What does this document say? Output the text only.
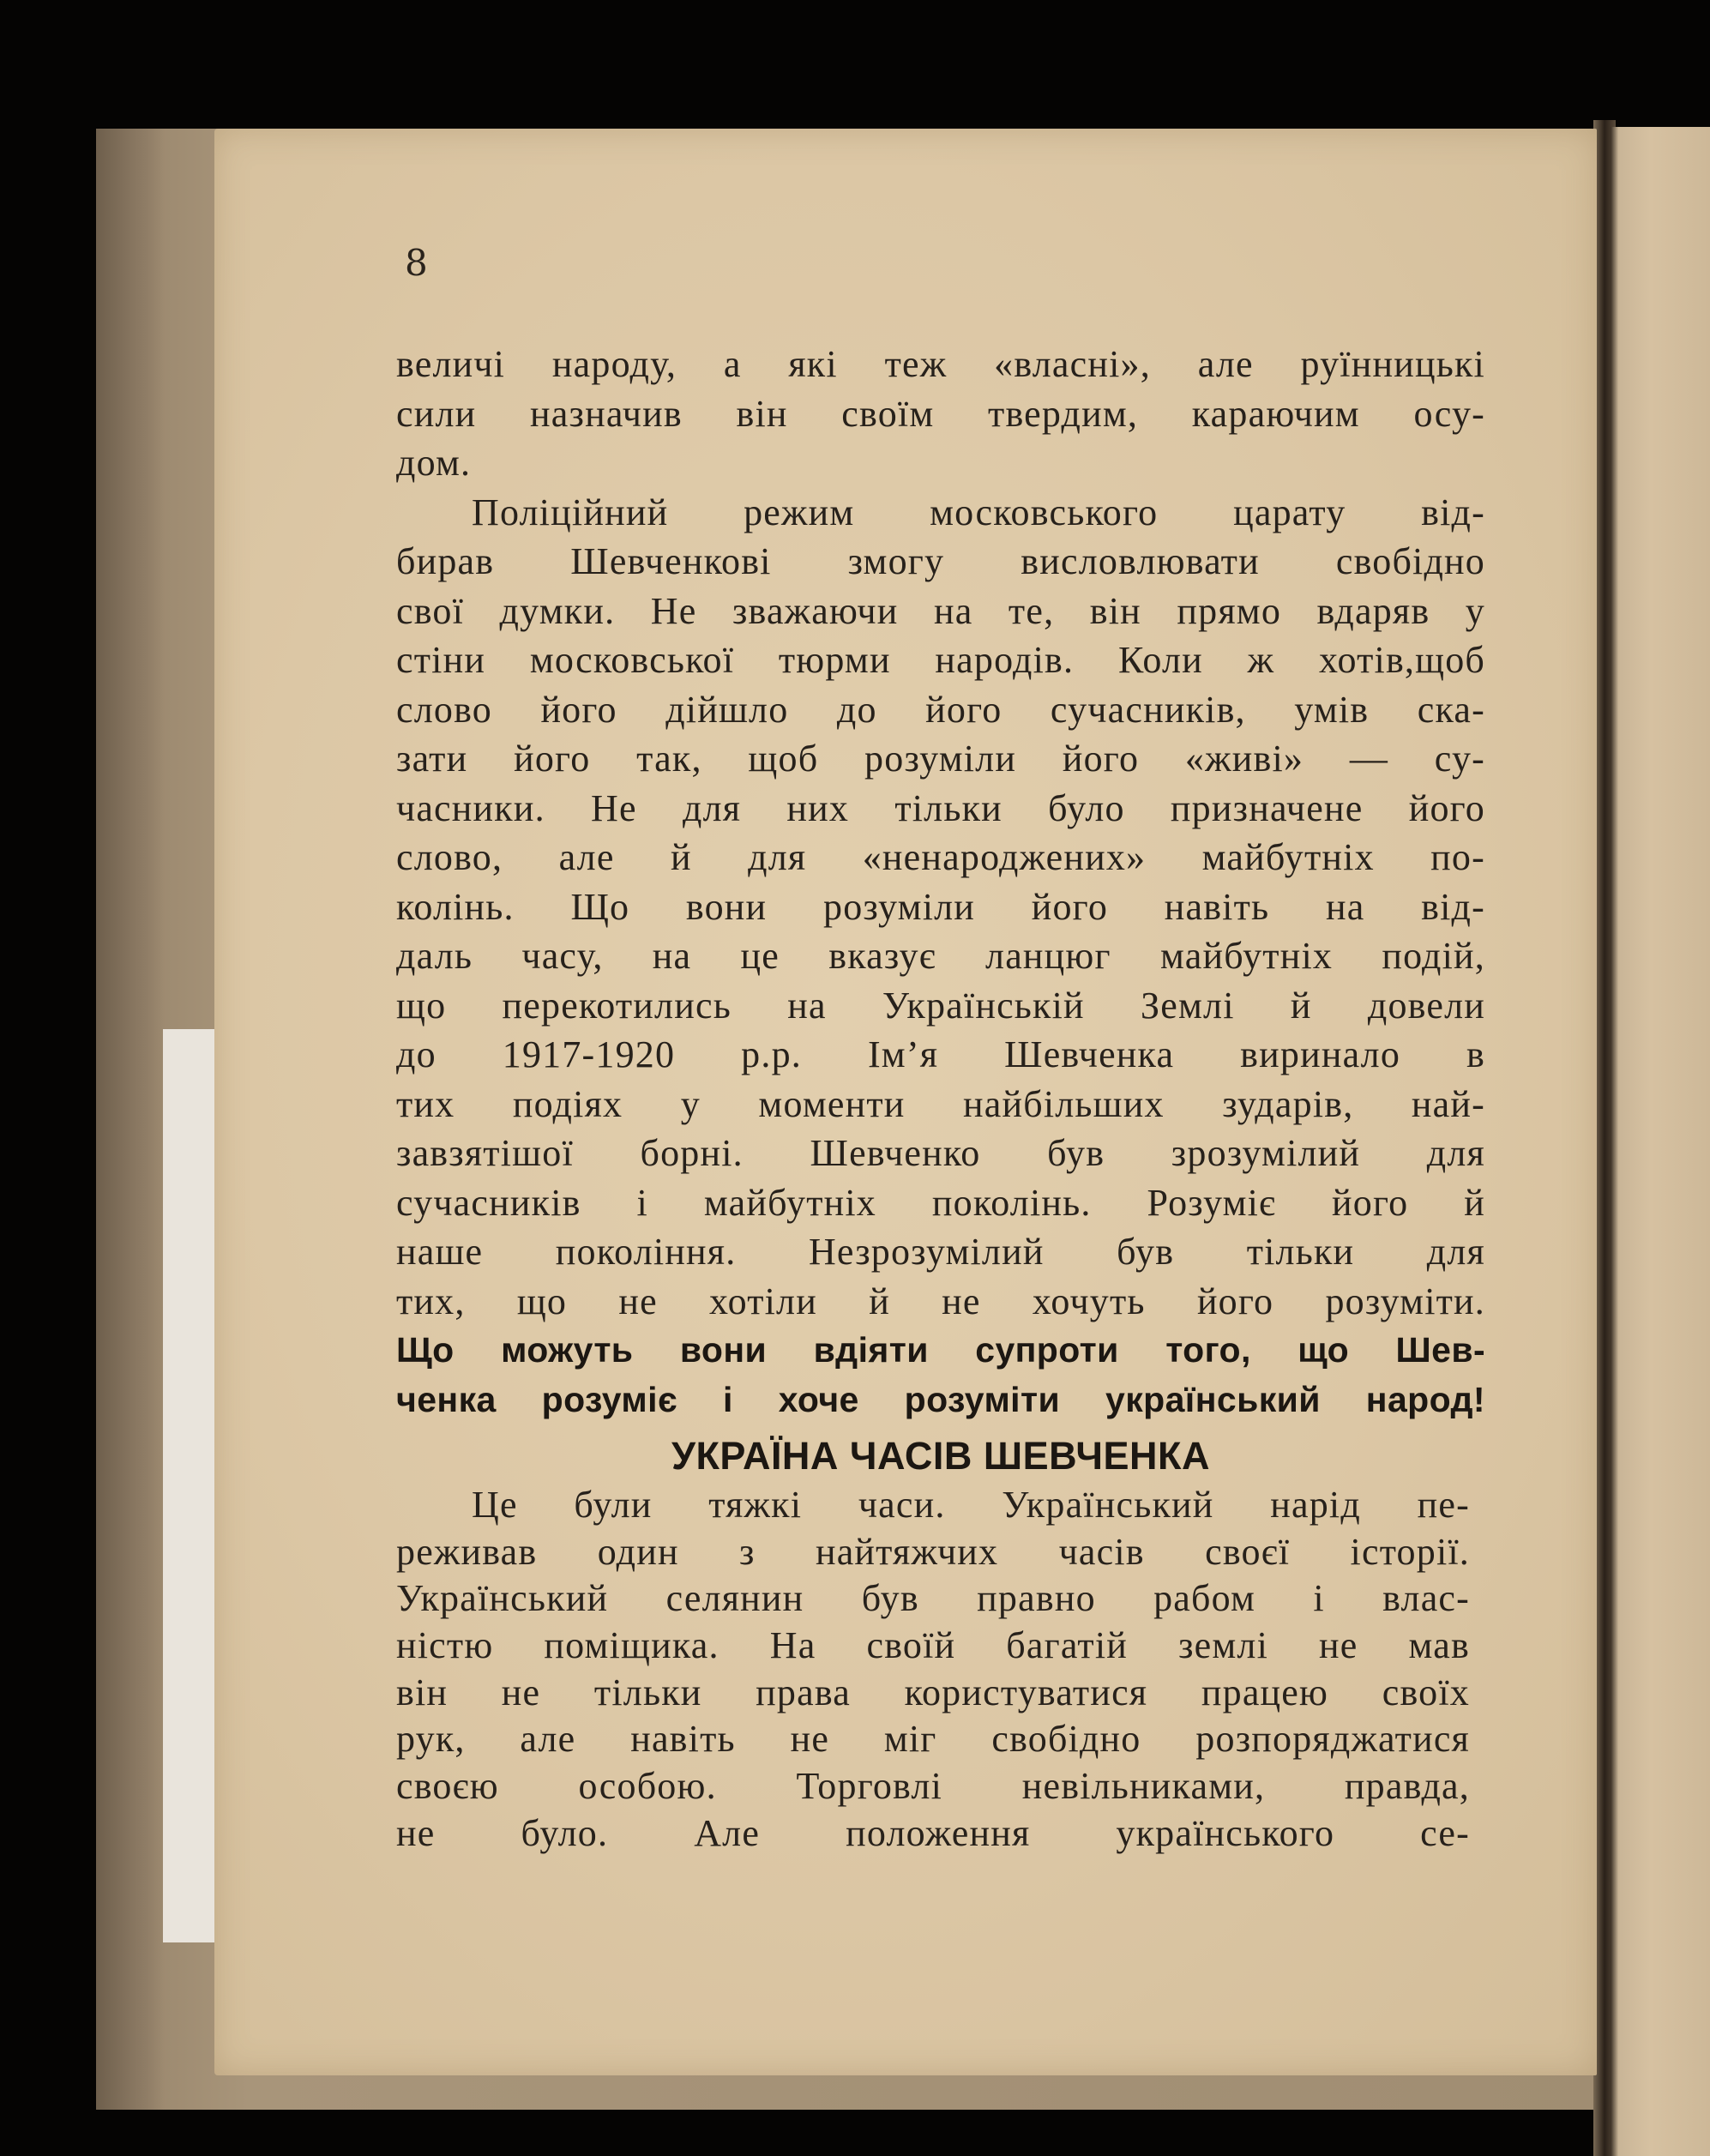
8
величі народу, а які теж «власні», але руїнницькі
сили назначив він своїм твердим, караючим осу-
дом.
Поліційний режим московського царату від-
бирав Шевченкові змогу висловлювати свобідно
свої думки. Не зважаючи на те, він прямо вдаряв у
стіни московської тюрми народів. Коли ж хотів,щоб
слово його дійшло до його сучасників, умів ска-
зати його так, щоб розуміли його «живі» — су-
часники. Не для них тільки було призначене його
слово, але й для «ненароджених» майбутніх по-
колінь. Що вони розуміли його навіть на від-
даль часу, на це вказує ланцюг майбутніх подій,
що перекотились на Українській Землі й довели
до 1917-1920 р.р. Ім’я Шевченка виринало в
тих подіях у моменти найбільших зударів, най-
завзятішої борні. Шевченко був зрозумілий для
сучасників і майбутніх поколінь. Розуміє його й
наше покоління. Незрозумілий був тільки для
тих, що не хотіли й не хочуть його розуміти.
Що можуть вони вдіяти супроти того, що Шев-
ченка розуміє і хоче розуміти український народ!
УКРАЇНА ЧАСІВ ШЕВЧЕНКА
Це були тяжкі часи. Український нарід пе-
реживав один з найтяжчих часів своєї історії.
Український селянин був правно рабом і влас-
ністю поміщика. На своїй багатій землі не мав
він не тільки права користуватися працею своїх
рук, але навіть не міг свобідно розпоряджатися
своєю особою. Торговлі невільниками, правда,
не було. Але положення українського се-
